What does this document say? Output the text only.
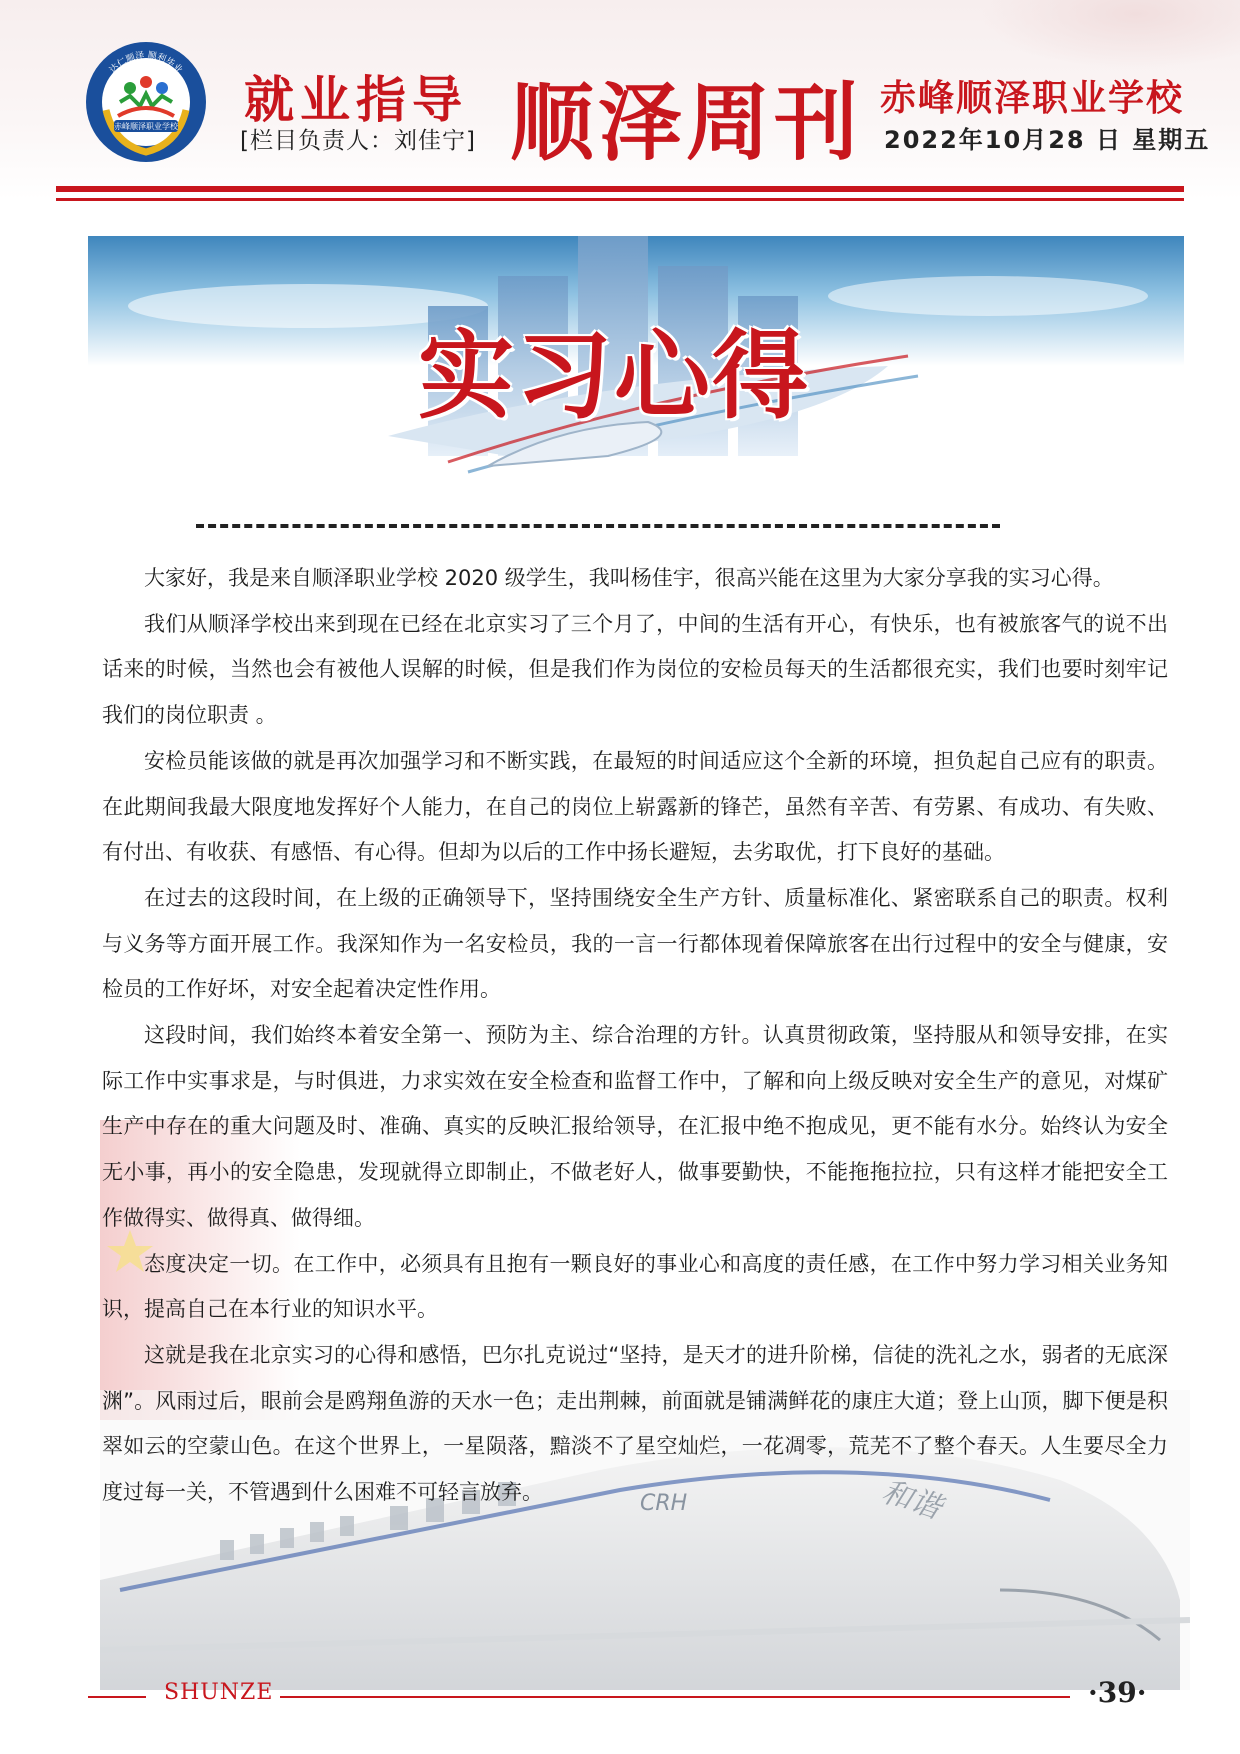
赤峰顺泽职业学校
达仁顺泽 顺利毕业
就业指导
[栏目负责人：刘佳宁] 顺泽周刊 赤峰顺泽职业学校
2022年10月28 日 星期五
实习心得
CRH	和谐

大家好，我是来自顺泽职业学校 2020 级学生，我叫杨佳宇，很高兴能在这里为大家分享我的实习心得。

我们从顺泽学校出来到现在已经在北京实习了三个月了，中间的生活有开心，有快乐，也有被旅客气的说不出话来的时候，当然也会有被他人误解的时候，但是我们作为岗位的安检员每天的生活都很充实，我们也要时刻牢记我们的岗位职责 。

安检员能该做的就是再次加强学习和不断实践，在最短的时间适应这个全新的环境，担负起自己应有的职责。在此期间我最大限度地发挥好个人能力，在自己的岗位上崭露新的锋芒，虽然有辛苦、有劳累、有成功、有失败、有付出、有收获、有感悟、有心得。但却为以后的工作中扬长避短，去劣取优，打下良好的基础。

在过去的这段时间，在上级的正确领导下，坚持围绕安全生产方针、质量标准化、紧密联系自己的职责。权利与义务等方面开展工作。我深知作为一名安检员，我的一言一行都体现着保障旅客在出行过程中的安全与健康，安检员的工作好坏，对安全起着决定性作用。

这段时间，我们始终本着安全第一、预防为主、综合治理的方针。认真贯彻政策，坚持服从和领导安排，在实际工作中实事求是，与时俱进，力求实效在安全检查和监督工作中，了解和向上级反映对安全生产的意见，对煤矿生产中存在的重大问题及时、准确、真实的反映汇报给领导，在汇报中绝不抱成见，更不能有水分。始终认为安全无小事，再小的安全隐患，发现就得立即制止，不做老好人，做事要勤快，不能拖拖拉拉，只有这样才能把安全工作做得实、做得真、做得细。

态度决定一切。在工作中，必须具有且抱有一颗良好的事业心和高度的责任感，在工作中努力学习相关业务知识，提高自己在本行业的知识水平。

这就是我在北京实习的心得和感悟，巴尔扎克说过“坚持，是天才的进升阶梯，信徒的洗礼之水，弱者的无底深渊”。风雨过后，眼前会是鸥翔鱼游的天水一色；走出荆棘，前面就是铺满鲜花的康庄大道；登上山顶，脚下便是积翠如云的空蒙山色。在这个世界上，一星陨落，黯淡不了星空灿烂，一花凋零，荒芜不了整个春天。人生要尽全力度过每一关，不管遇到什么困难不可轻言放弃。

SHUNZE	·39·
